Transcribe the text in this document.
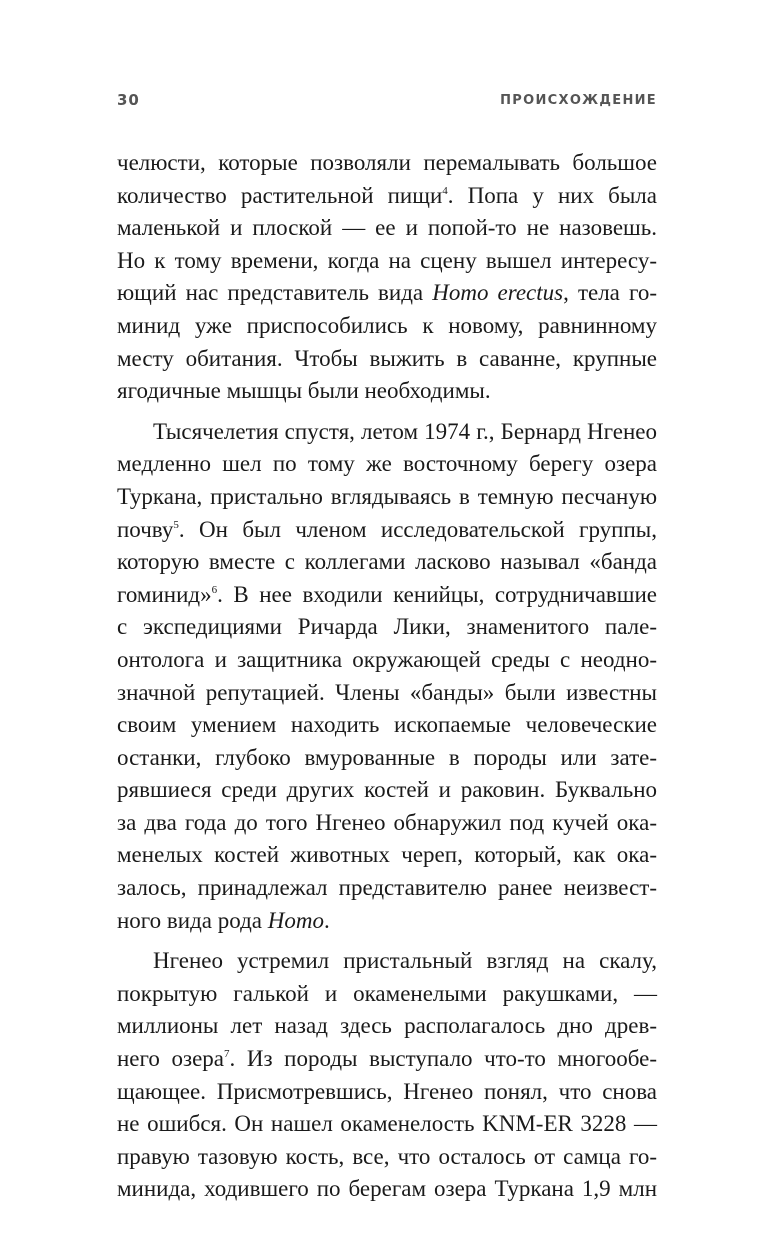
30	ПРОИСХОЖДЕНИЕ
челюсти, которые позволяли перемалывать большое
количество растительной пищи$^4$. Попа у них была
маленькой и плоской — ее и попой-то не назовешь.
Но к тому времени, когда на сцену вышел интересу-
ющий нас представитель вида Homo erectus, тела го-
минид уже приспособились к новому, равнинному
месту обитания. Чтобы выжить в саванне, крупные
ягодичные мышцы были необходимы.
Тысячелетия спустя, летом 1974 г., Бернард Нгенео
медленно шел по тому же восточному берегу озера
Туркана, пристально вглядываясь в темную песчаную
почву$^5$. Он был членом исследовательской группы,
которую вместе с коллегами ласково называл «банда
гоминид»$^6$. В нее входили кенийцы, сотрудничавшие
с экспедициями Ричарда Лики, знаменитого пале-
онтолога и защитника окружающей среды с неодно-
значной репутацией. Члены «банды» были известны
своим умением находить ископаемые человеческие
останки, глубоко вмурованные в породы или зате-
рявшиеся среди других костей и раковин. Буквально
за два года до того Нгенео обнаружил под кучей ока-
менелых костей животных череп, который, как ока-
залось, принадлежал представителю ранее неизвест-
ного вида рода Homo.
Нгенео устремил пристальный взгляд на скалу,
покрытую галькой и окаменелыми ракушками, —
миллионы лет назад здесь располагалось дно древ-
него озера$^7$. Из породы выступало что-то многообе-
щающее. Присмотревшись, Нгенео понял, что снова
не ошибся. Он нашел окаменелость KNM-ER 3228 —
правую тазовую кость, все, что осталось от самца го-
минида, ходившего по берегам озера Туркана 1,9 млн
